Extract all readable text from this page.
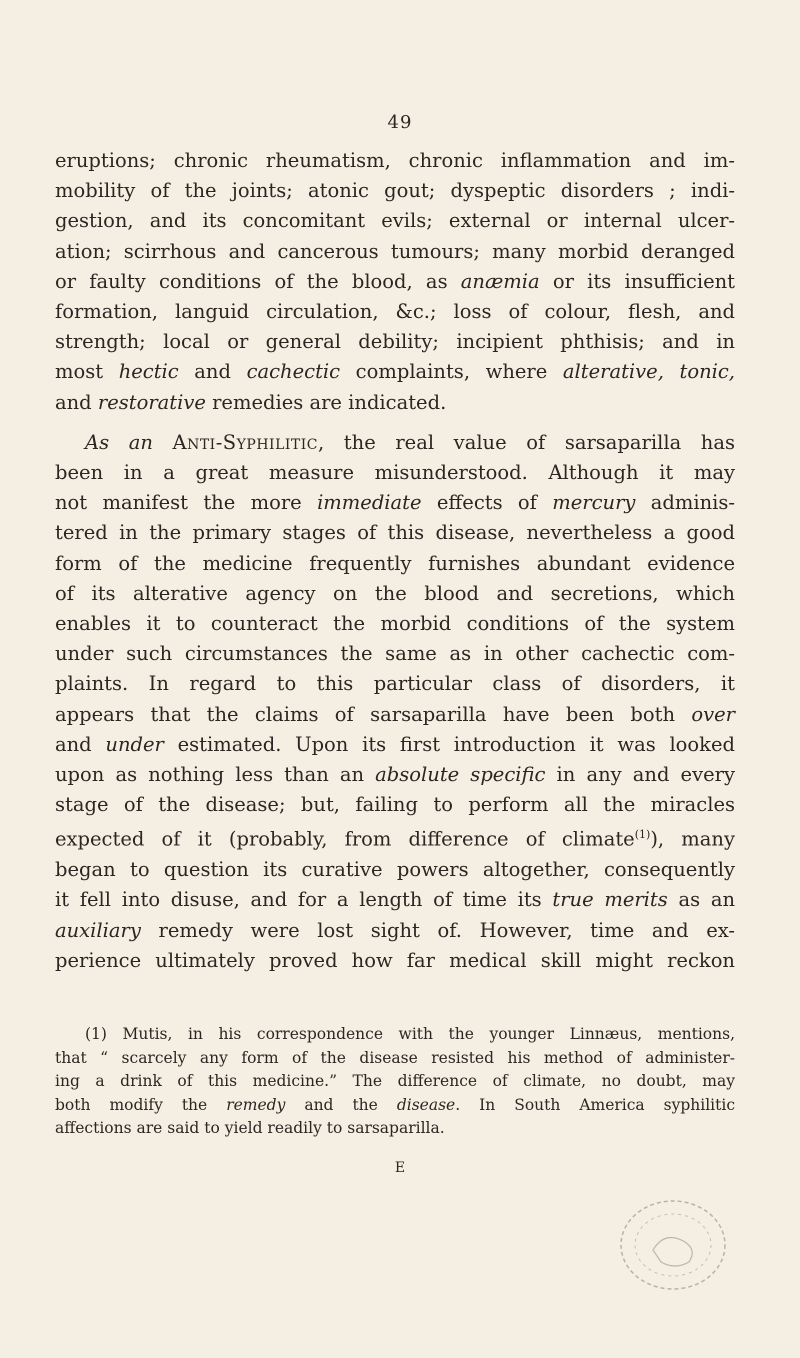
49
eruptions; chronic rheumatism, chronic inflammation and im-
mobility of the joints; atonic gout; dyspeptic disorders ; indi-
gestion, and its concomitant evils; external or internal ulcer-
ation; scirrhous and cancerous tumours; many morbid deranged
or faulty conditions of the blood, as anæmia or its insufficient
formation, languid circulation, &c.; loss of colour, flesh, and
strength; local or general debility; incipient phthisis; and in
most hectic and cachectic complaints, where alterative, tonic,
and restorative remedies are indicated.
As an Anti-Syphilitic, the real value of sarsaparilla has
been in a great measure misunderstood. Although it may
not manifest the more immediate effects of mercury adminis-
tered in the primary stages of this disease, nevertheless a good
form of the medicine frequently furnishes abundant evidence
of its alterative agency on the blood and secretions, which
enables it to counteract the morbid conditions of the system
under such circumstances the same as in other cachectic com-
plaints. In regard to this particular class of disorders, it
appears that the claims of sarsaparilla have been both over
and under estimated. Upon its first introduction it was looked
upon as nothing less than an absolute specific in any and every
stage of the disease; but, failing to perform all the miracles
expected of it (probably, from difference of climate$^{(1)}$), many
began to question its curative powers altogether, consequently
it fell into disuse, and for a length of time its true merits as an
auxiliary remedy were lost sight of. However, time and ex-
perience ultimately proved how far medical skill might reckon
(1) Mutis, in his correspondence with the younger Linnæus, mentions,
that “ scarcely any form of the disease resisted his method of administer-
ing a drink of this medicine.” The difference of climate, no doubt, may
both modify the remedy and the disease. In South America syphilitic
affections are said to yield readily to sarsaparilla.
E
